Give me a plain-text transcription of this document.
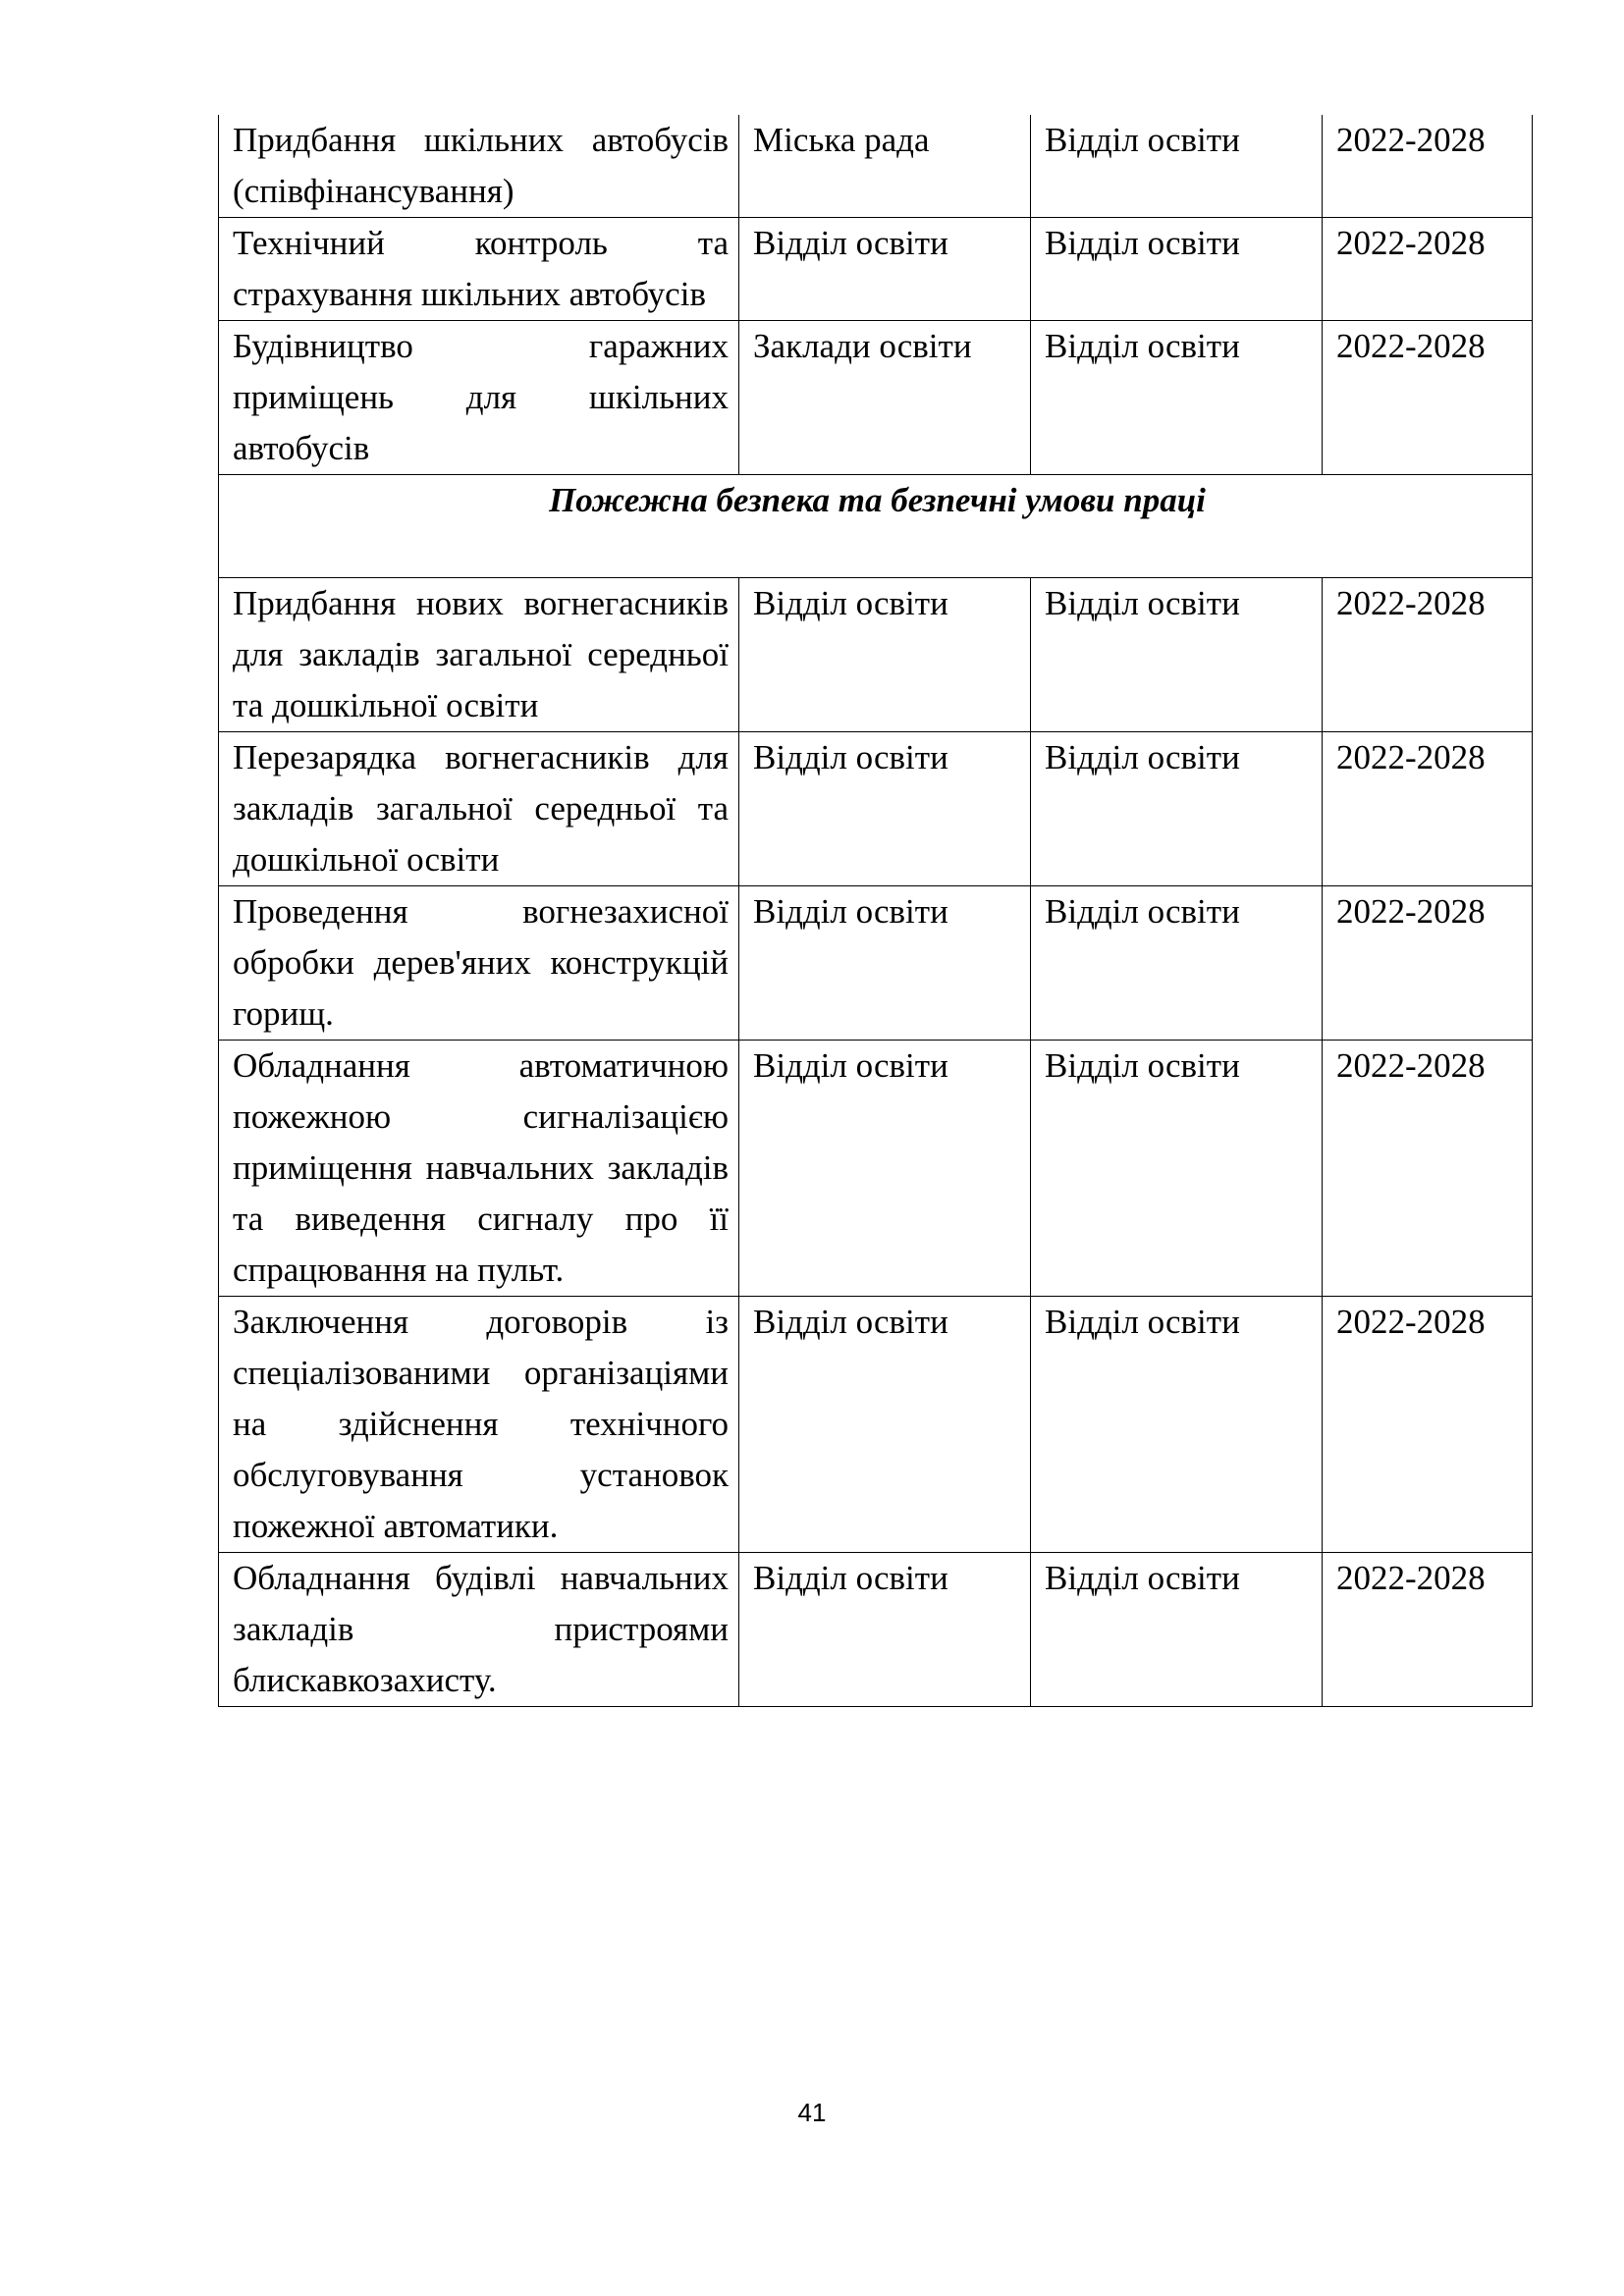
Придбання шкільних автобусів (співфінансування)	Міська рада	Відділ освіти	2022-2028
Технічний контроль та страхування шкільних автобусів	Відділ освіти	Відділ освіти	2022-2028
Будівництво гаражних приміщень для шкільних автобусів	Заклади освіти	Відділ освіти	2022-2028
Пожежна безпека та безпечні умови праці			
Придбання нових вогнегасників для закладів загальної середньої та дошкільної освіти	Відділ освіти	Відділ освіти	2022-2028
Перезарядка вогнегасників для закладів загальної середньої та дошкільної освіти	Відділ освіти	Відділ освіти	2022-2028
Проведення вогнезахисної обробки дерев'яних конструкцій горищ.	Відділ освіти	Відділ освіти	2022-2028
Обладнання автоматичною пожежною сигналізацією приміщення навчальних закладів та виведення сигналу про її спрацювання на пульт.	Відділ освіти	Відділ освіти	2022-2028
Заключення договорів із спеціалізованими організаціями на здійснення технічного обслуговування установок пожежної автоматики.	Відділ освіти	Відділ освіти	2022-2028
Обладнання будівлі навчальних закладів пристроями блискавкозахисту.	Відділ освіти	Відділ освіти	2022-2028
41
